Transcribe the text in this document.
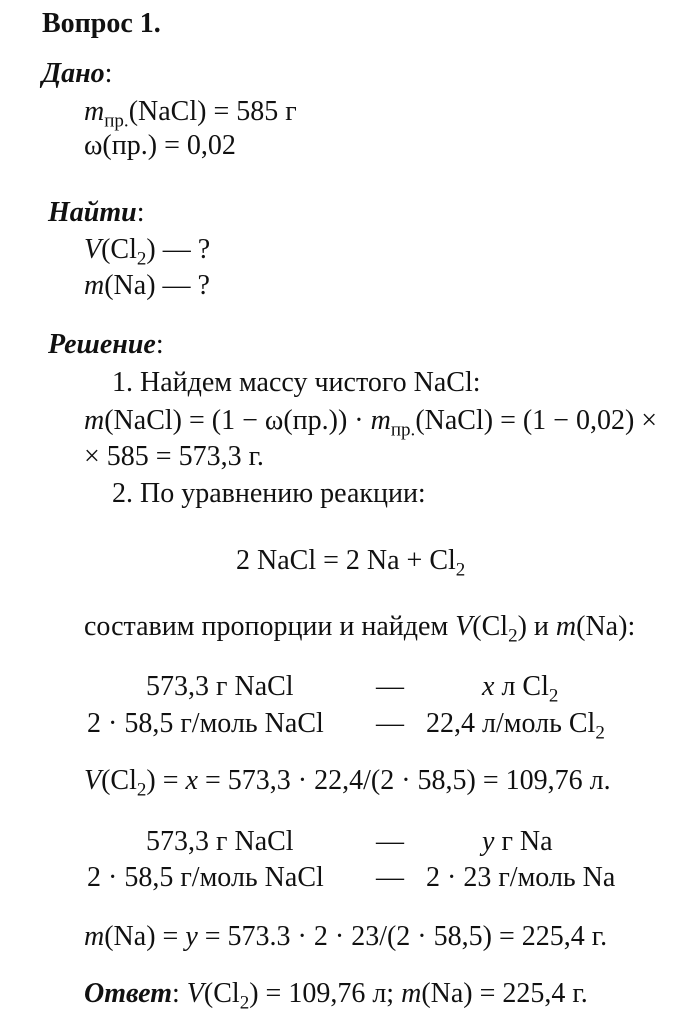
Вопрос 1.
Дано:
$m_{пр.}(NaCl) = 585$ г
ω(пр.) = 0,02
Найти:
$V(Cl_2)$ — ?
m(Na) — ?
Решение:
1. Найдем массу чистого NaCl:
m(NaCl) = $(1 - \omega(пр.)) \cdot m_{пр.}(NaCl) = (1 - 0,02)$ ×
× 585 = 573,3 г.
2. По уравнению реакции:
2 NaCl = 2 $Na + Cl_2$
составим пропорции и найдем $V(Cl_2)$ и m(Na):
573,3 г NaCl	—	x л $Cl_2$
2 · 58,5 г/моль NaCl — 22,4 л/моль $Cl_2$
$V(Cl_2) = x = 573,3 \cdot 22,4/(2 \cdot 58,5) = 109,76$ л.
573,3 г NaCl	—	y г Na
2 · 58,5 г/моль NaCl — 2 · 23 г/моль Na
m(Na) = y = 573.3 · 2 · 23/(2 · 58,5) = 225,4 г.
Ответ: $V(Cl_2) = 109,76$ л; m(Na) = 225,4 г.
